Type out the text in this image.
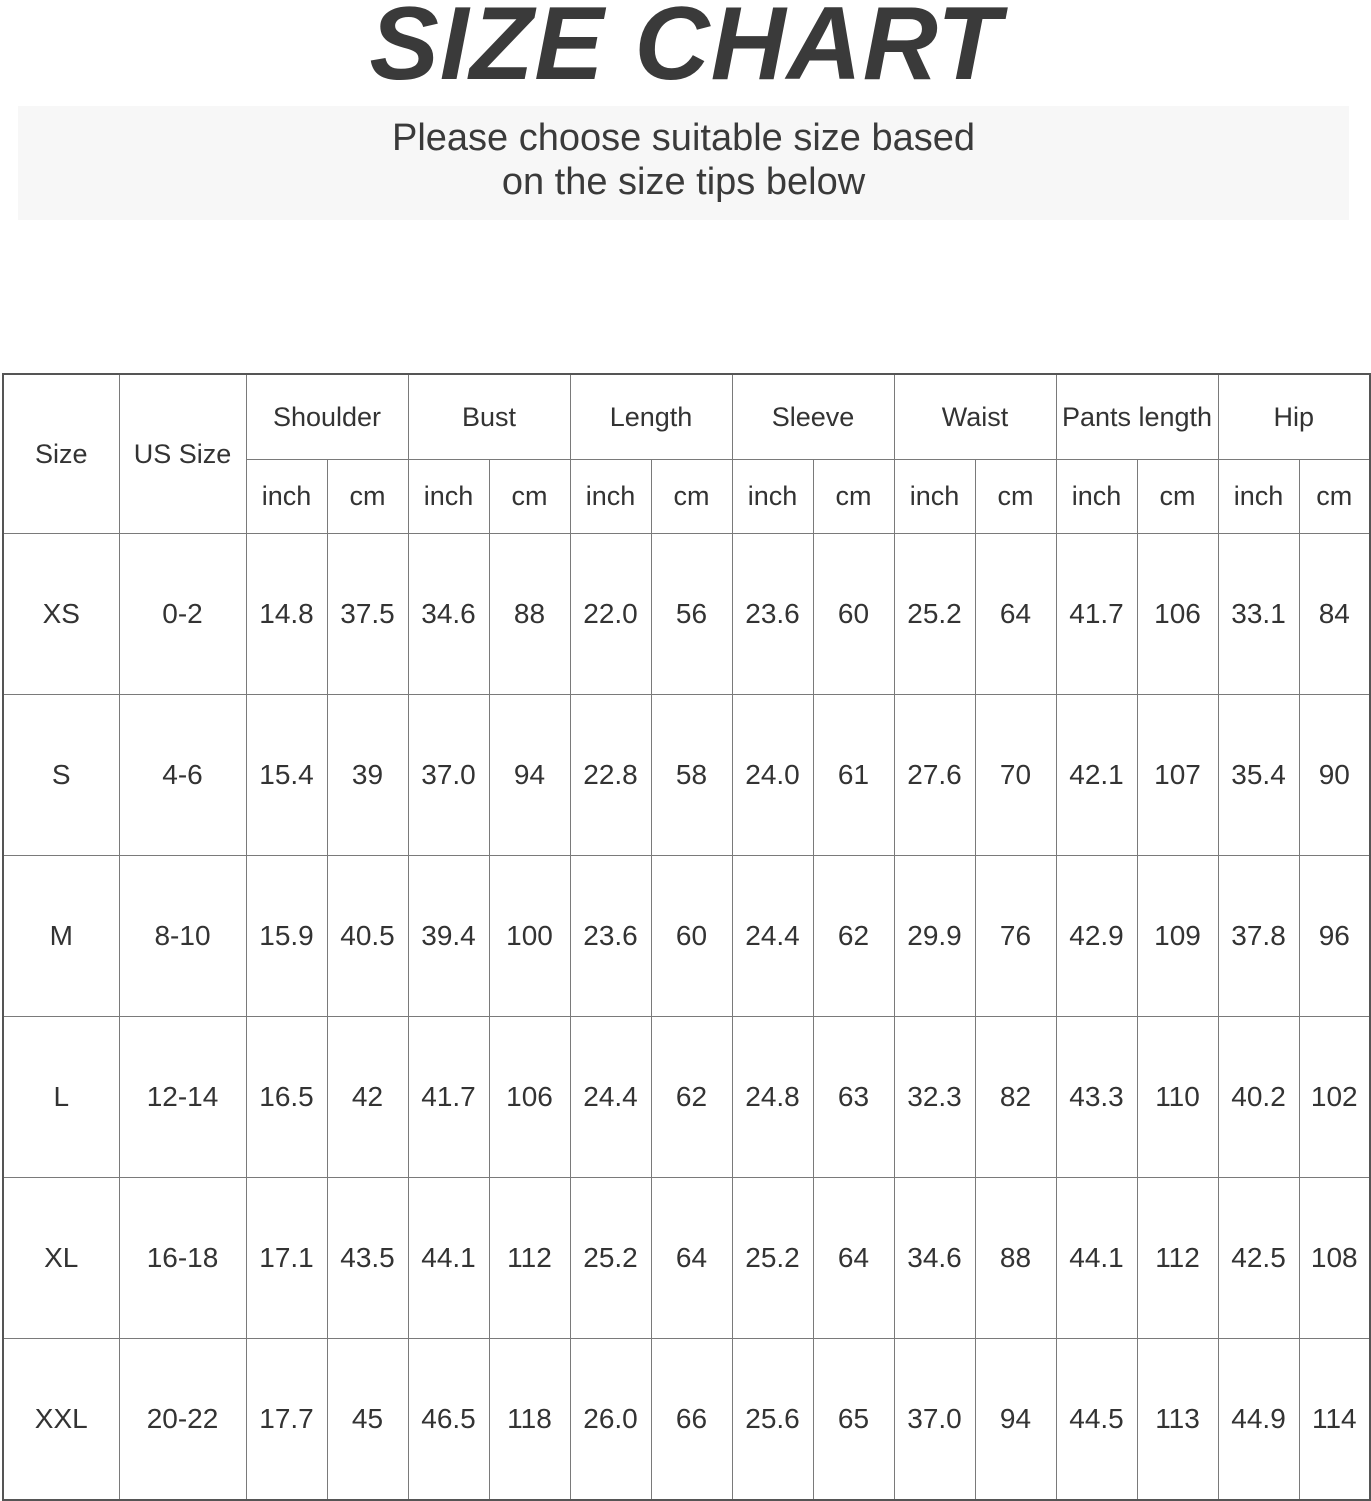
SIZE CHART
Please choose suitable size based
on the size tips below
Size	US Size	Shoulder		Bust		Length		Sleeve		Waist		Pants length		Hip	
		inch	cm	inch	cm	inch	cm	inch	cm	inch	cm	inch	cm	inch	cm
XS	0-2	14.8	37.5	34.6	88	22.0	56	23.6	60	25.2	64	41.7	106	33.1	84
S	4-6	15.4	39	37.0	94	22.8	58	24.0	61	27.6	70	42.1	107	35.4	90
M	8-10	15.9	40.5	39.4	100	23.6	60	24.4	62	29.9	76	42.9	109	37.8	96
L	12-14	16.5	42	41.7	106	24.4	62	24.8	63	32.3	82	43.3	110	40.2	102
XL	16-18	17.1	43.5	44.1	112	25.2	64	25.2	64	34.6	88	44.1	112	42.5	108
XXL	20-22	17.7	45	46.5	118	26.0	66	25.6	65	37.0	94	44.5	113	44.9	114
